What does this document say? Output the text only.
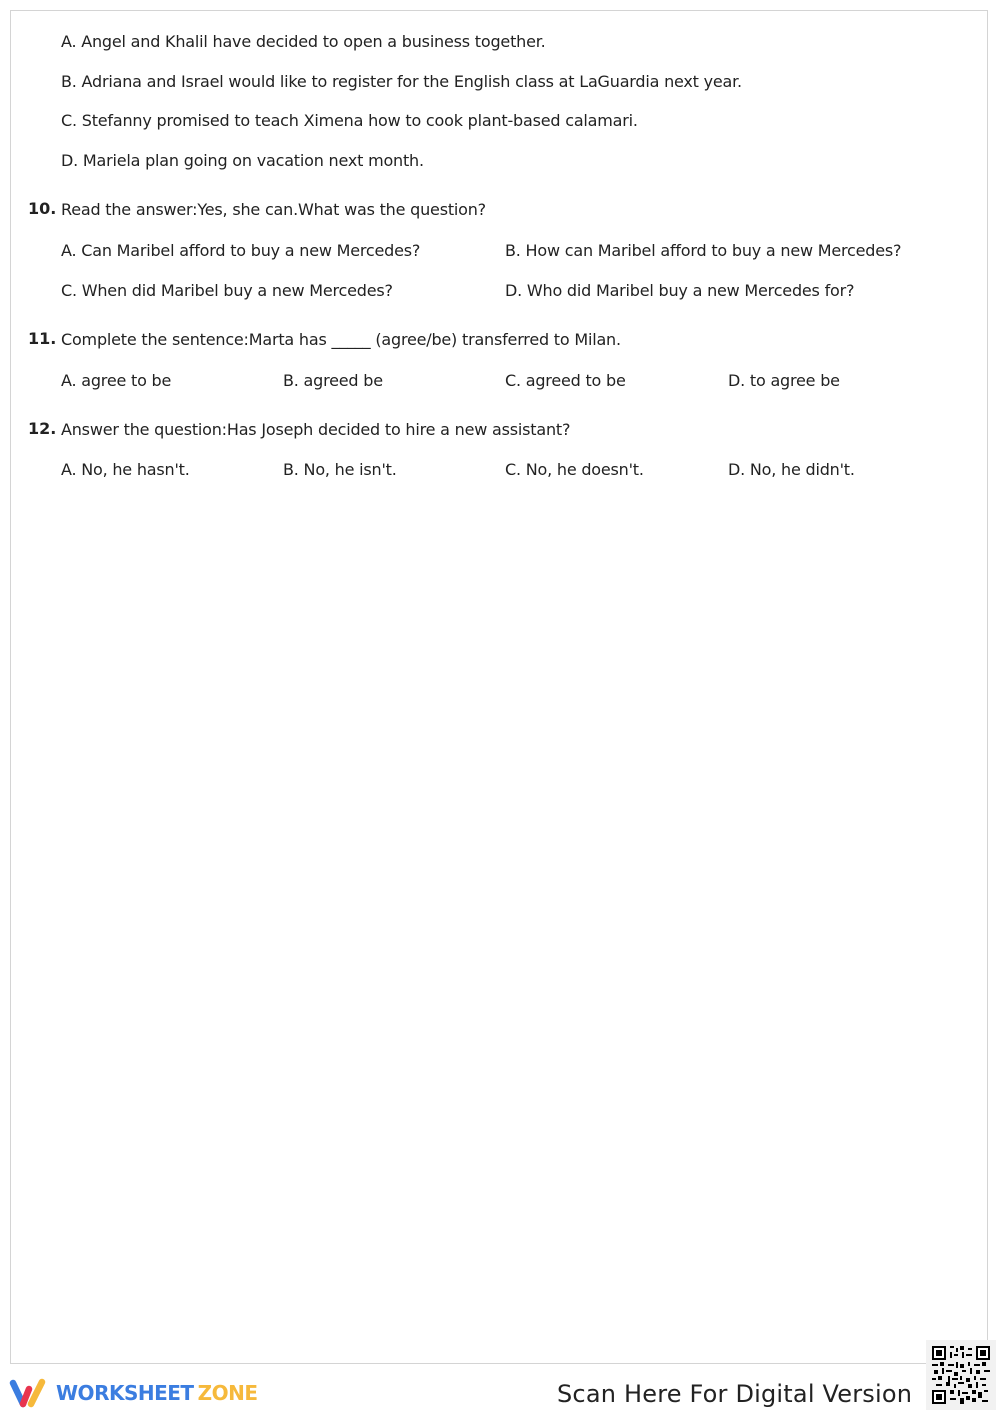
A. Angel and Khalil have decided to open a business together.
B. Adriana and Israel would like to register for the English class at LaGuardia next year.
C. Stefanny promised to teach Ximena how to cook plant-based calamari.
D. Mariela plan going on vacation next month.
10. Read the answer:Yes, she can.What was the question?
A. Can Maribel afford to buy a new Mercedes?	B. How can Maribel afford to buy a new Mercedes?
C. When did Maribel buy a new Mercedes?	D. Who did Maribel buy a new Mercedes for?
11. Complete the sentence:Marta has _____ (agree/be) transferred to Milan.
A. agree to be	B. agreed be	C. agreed to be	D. to agree be
12. Answer the question:Has Joseph decided to hire a new assistant?
A. No, he hasn't.	B. No, he isn't.	C. No, he doesn't.	D. No, he didn't.
WORKSHEET ZONE	Scan Here For Digital Version
